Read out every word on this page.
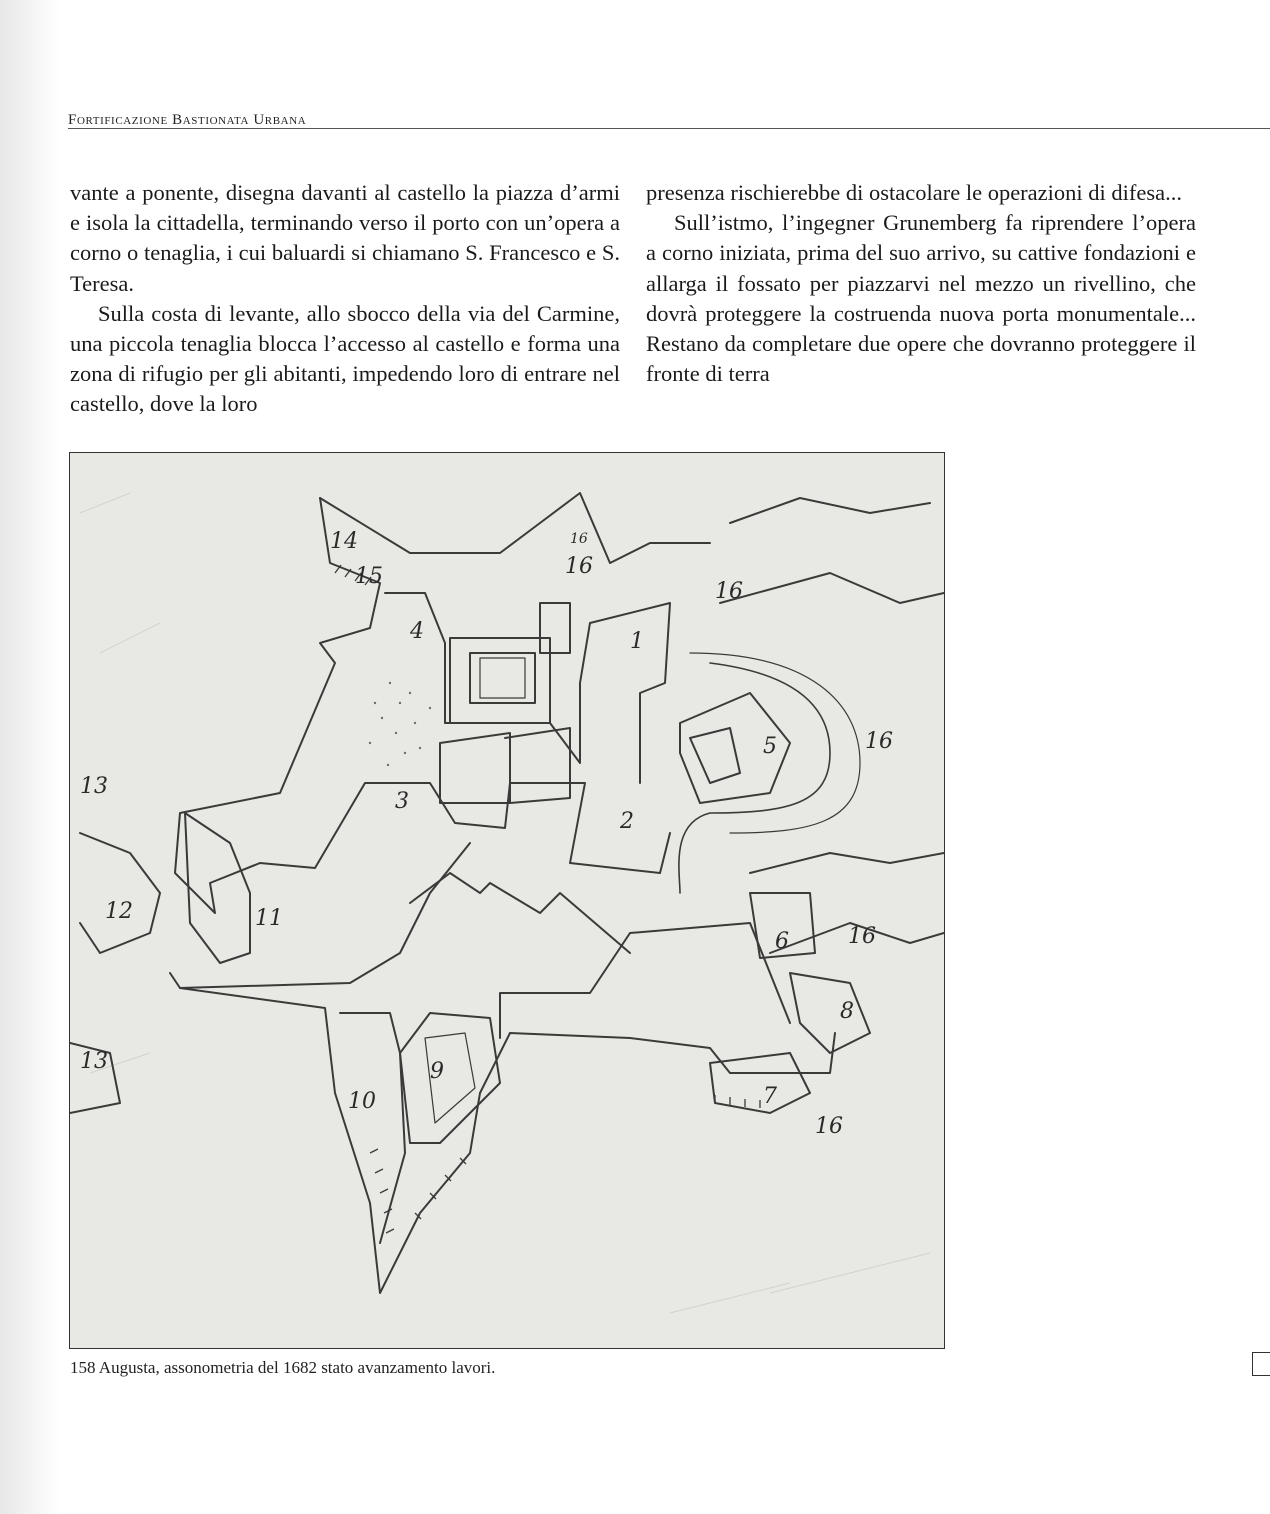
Fortificazione Bastionata Urbana

vante a ponente, disegna davanti al castello la piazza d’armi e isola la cittadella, terminando verso il porto con un’opera a corno o tenaglia, i cui baluardi si chiamano S. Francesco e S. Teresa.

Sulla costa di levante, allo sbocco della via del Carmine, una piccola tenaglia blocca l’accesso al castello e forma una zona di rifugio per gli abitanti, impedendo loro di entrare nel castello, dove la loro

presenza rischierebbe di ostacolare le operazioni di difesa...

Sull’istmo, l’ingegner Grunemberg fa riprendere l’opera a corno iniziata, prima del suo arrivo, su cattive fondazioni e allarga il fossato per piazzarvi nel mezzo un rivellino, che dovrà proteggere la costruenda nuova porta monumentale... Restano da completare due opere che dovranno proteggere il fronte di terra

1
2
3
4
5
6
7
8
9
10
11
12
13
13
14
15	16
16
16
16
16
16
158 Augusta, assonometria del 1682 stato avanzamento lavori.
